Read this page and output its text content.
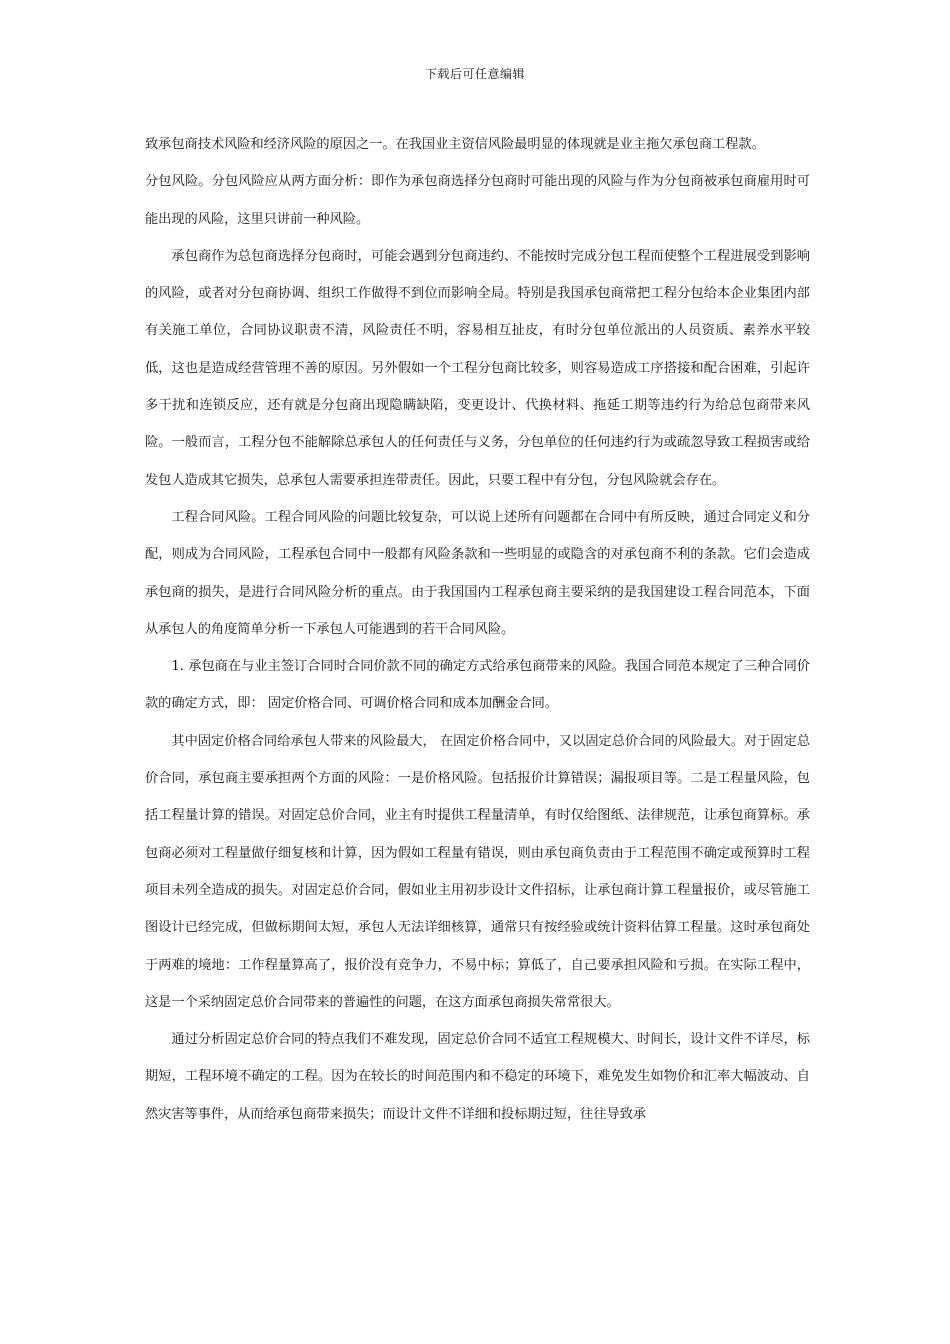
下载后可任意编辑

致承包商技术风险和经济风险的原因之一。在我国业主资信风险最明显的体现就是业主拖欠承包商工程款。

分包风险。分包风险应从两方面分析：即作为承包商选择分包商时可能出现的风险与作为分包商被承包商雇用时可能出现的风险，这里只讲前一种风险。

承包商作为总包商选择分包商时，可能会遇到分包商违约、不能按时完成分包工程而使整个工程进展受到影响的风险，或者对分包商协调、组织工作做得不到位而影响全局。特别是我国承包商常把工程分包给本企业集团内部有关施工单位，合同协议职责不清，风险责任不明，容易相互扯皮，有时分包单位派出的人员资质、素养水平较低，这也是造成经营管理不善的原因。另外假如一个工程分包商比较多，则容易造成工序搭接和配合困难，引起许多干扰和连锁反应，还有就是分包商出现隐瞒缺陷，变更设计、代换材料、拖延工期等违约行为给总包商带来风险。一般而言，工程分包不能解除总承包人的任何责任与义务，分包单位的任何违约行为或疏忽导致工程损害或给发包人造成其它损失，总承包人需要承担连带责任。因此，只要工程中有分包，分包风险就会存在。

工程合同风险。工程合同风险的问题比较复杂，可以说上述所有问题都在合同中有所反映，通过合同定义和分配，则成为合同风险，工程承包合同中一般都有风险条款和一些明显的或隐含的对承包商不利的条款。它们会造成承包商的损失，是进行合同风险分析的重点。由于我国国内工程承包商主要采纳的是我国建设工程合同范本，下面从承包人的角度简单分析一下承包人可能遇到的若干合同风险。

1. 承包商在与业主签订合同时合同价款不同的确定方式给承包商带来的风险。我国合同范本规定了三种合同价款的确定方式，即： 固定价格合同、可调价格合同和成本加酬金合同。

其中固定价格合同给承包人带来的风险最大， 在固定价格合同中，又以固定总价合同的风险最大。对于固定总价合同，承包商主要承担两个方面的风险：一是价格风险。包括报价计算错误；漏报项目等。二是工程量风险，包括工程量计算的错误。对固定总价合同，业主有时提供工程量清单，有时仅给图纸、法律规范，让承包商算标。承包商必须对工程量做仔细复核和计算，因为假如工程量有错误，则由承包商负责由于工程范围不确定或预算时工程项目未列全造成的损失。对固定总价合同，假如业主用初步设计文件招标，让承包商计算工程量报价，或尽管施工图设计已经完成，但做标期间太短，承包人无法详细核算，通常只有按经验或统计资料估算工程量。这时承包商处于两难的境地：工作程量算高了，报价没有竞争力，不易中标；算低了，自己要承担风险和亏损。在实际工程中，这是一个采纳固定总价合同带来的普遍性的问题，在这方面承包商损失常常很大。

通过分析固定总价合同的特点我们不难发现，固定总价合同不适宜工程规模大、时间长，设计文件不详尽，标期短，工程环境不确定的工程。因为在较长的时间范围内和不稳定的环境下，难免发生如物价和汇率大幅波动、自然灾害等事件，从而给承包商带来损失；而设计文件不详细和投标期过短，往往导致承
